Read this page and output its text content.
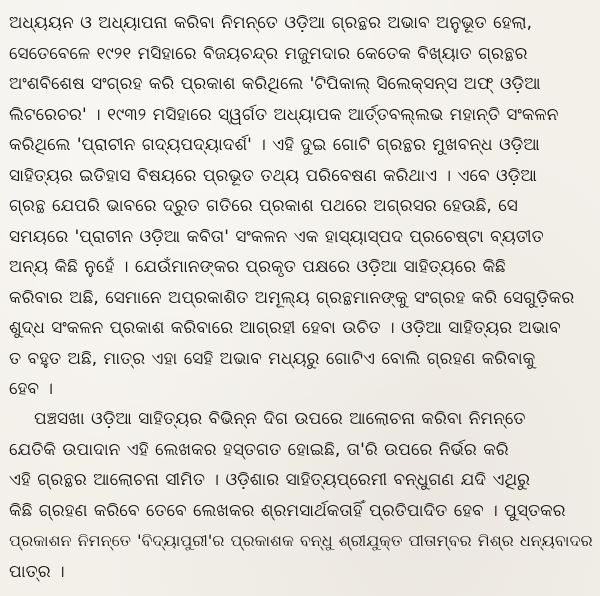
ଅଧ୍ୟୟନ ଓ ଅଧ୍ୟାପନା କରିବା ନିମନ୍ତେ ଓଡ଼ିଆ ଗ୍ରନ୍ଥର ଅଭାବ ଅନୁଭୂତ ହେଲା,
ସେତେବେଳେ ୧୯୨୧ ମସିହାରେ ବିଜୟଚନ୍ଦ୍ର ମଜୁମଦାର କେତେକ ବିଖ୍ୟାତ ଗ୍ରନ୍ଥର
ଅଂଶବିଶେଷ ସଂଗ୍ରହ କରି ପ୍ରକାଶ କରିଥିଲେ 'ଟିପିକାଲ୍ ସିଲେକ୍ସନ୍ସ ଅଫ୍ ଓଡ଼ିଆ
ଲିଟରେଚର' । ୧୯୩୨ ମସିହାରେ ସ୍ୱର୍ଗତ ଅଧ୍ୟାପକ ଆର୍ତ୍ତବଲ୍ଲଭ ମହାନ୍ତି ସଂକଳନ
କରିଥିଲେ 'ପ୍ରାଚୀନ ଗଦ୍ୟପଦ୍ୟାଦର୍ଶ' । ଏହି ଦୁଇ ଗୋଟି ଗ୍ରନ୍ଥର ମୁଖବନ୍ଧ ଓଡ଼ିଆ
ସାହିତ୍ୟର ଇତିହାସ ବିଷୟରେ ପ୍ରଭୂତ ତଥ୍ୟ ପରିବେଷଣ କରିଥାଏ । ଏବେ ଓଡ଼ିଆ
ଗ୍ରନ୍ଥ ଯେପରି ଭାବରେ ଦ୍ରୁତ ଗତିରେ ପ୍ରକାଶ ପଥରେ ଅଗ୍ରସର ହେଉଛି, ସେ
ସମୟରେ 'ପ୍ରାଚୀନ ଓଡ଼ିଆ କବିତା' ସଂକଳନ ଏକ ହାସ୍ୟାସ୍ପଦ ପ୍ରଚେଷ୍ଟା ବ୍ୟତୀତ
ଅନ୍ୟ କିଛି ନୁହେଁ । ଯେଉଁମାନଙ୍କର ପ୍ରକୃତ ପକ୍ଷରେ ଓଡ଼ିଆ ସାହିତ୍ୟରେ କିଛି
କରିବାର ଅଛି, ସେମାନେ ଅପ୍ରକାଶିତ ଅମୂଲ୍ୟ ଗ୍ରନ୍ଥମାନଙ୍କୁ ସଂଗ୍ରହ କରି ସେଗୁଡ଼ିକର
ଶୁଦ୍ଧ ସଂକଳନ ପ୍ରକାଶ କରିବାରେ ଆଗ୍ରହୀ ହେବା ଉଚିତ । ଓଡ଼ିଆ ସାହିତ୍ୟର ଅଭାବ
ତ ବହୁତ ଅଛି, ମାତ୍ର ଏହା ସେହି ଅଭାବ ମଧ୍ୟରୁ ଗୋଟିଏ ବୋଲି ଗ୍ରହଣ କରିବାକୁ
ହେବ ।

ପଞ୍ଚସଖା ଓଡ଼ିଆ ସାହିତ୍ୟର ବିଭିନ୍ନ ଦିଗ ଉପରେ ଆଲୋଚନା କରିବା ନିମନ୍ତେ
ଯେତିକି ଉପାଦାନ ଏହି ଲେଖକର ହସ୍ତଗତ ହୋଇଛି, ତା'ରି ଉପରେ ନିର୍ଭର କରି
ଏହି ଗ୍ରନ୍ଥର ଆଲୋଚନା ସୀମିତ । ଓଡ଼ିଶାର ସାହିତ୍ୟପ୍ରେମୀ ବନ୍ଧୁଗଣ ଯଦି ଏଥିରୁ
କିଛି ଗ୍ରହଣ କରିବେ ତେବେ ଲେଖକର ଶ୍ରମସାର୍ଥକତାହିଁ ପ୍ରତିପାଦିତ ହେବ । ପୁସ୍ତକର
ପ୍ରକାଶନ ନିମନ୍ତେ 'ବିଦ୍ୟାପୁରୀ'ର ପ୍ରକାଶକ ବନ୍ଧୁ ଶ୍ରୀଯୁକ୍ତ ପୀତାମ୍ବର ମିଶ୍ର ଧନ୍ୟବାଦର
ପାତ୍ର ।
